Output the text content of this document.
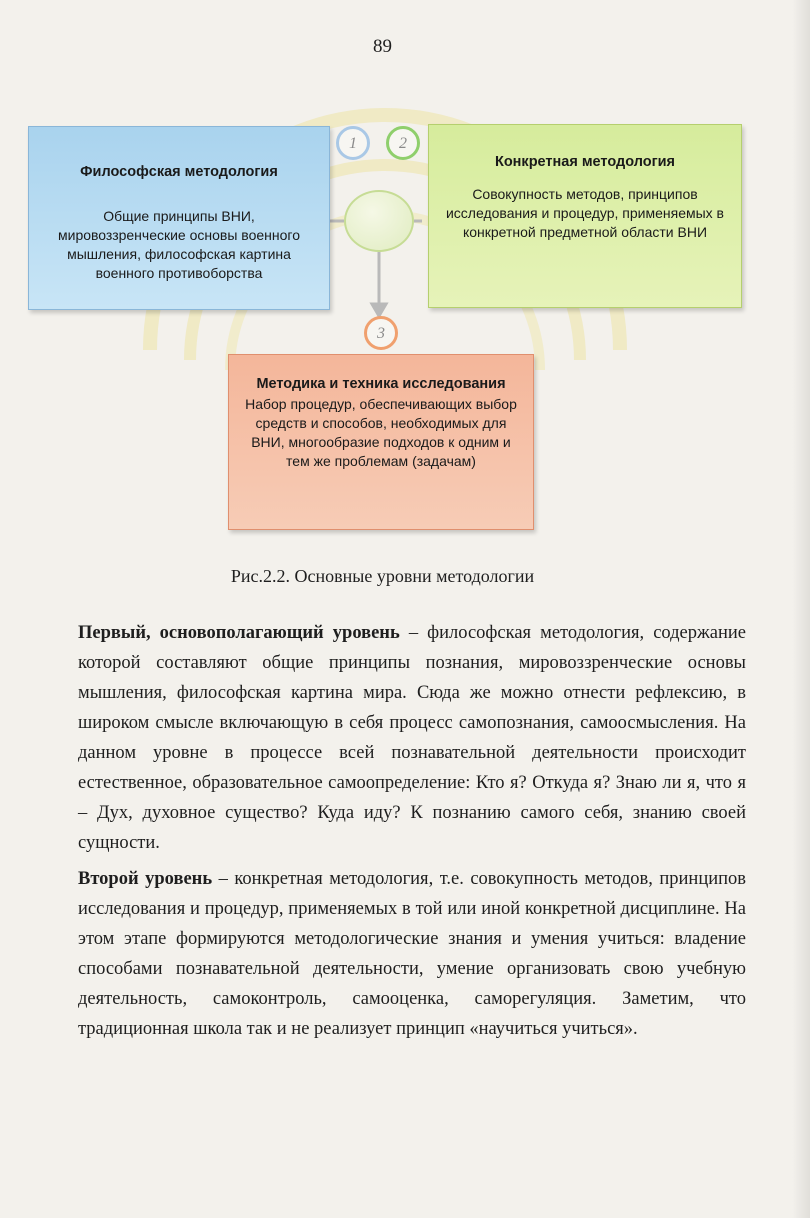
89
1	2
3
Философская методология
Общие принципы ВНИ, мировоззренческие основы военного мышления, философская картина военного противоборства
Конкретная методология
Совокупность методов, принципов исследования и процедур, применяемых в конкретной предметной области ВНИ
Методика и техника исследования
Набор процедур, обеспечивающих выбор средств и способов, необходимых для ВНИ, многообразие подходов к одним и тем же проблемам (задачам)
Рис.2.2. Основные уровни методологии

Первый, основополагающий уровень – философская методология, содержание которой составляют общие принципы познания, мировоззренческие основы мышления, философская картина мира. Сюда же можно отнести рефлексию, в широком смысле включающую в себя процесс самопознания, самоосмысления. На данном уровне в процессе всей познавательной деятельности происходит естественное, образовательное самоопределение: Кто я? Откуда я? Знаю ли я, что я – Дух, духовное существо? Куда иду? К познанию самого себя, знанию своей сущности.

Второй уровень – конкретная методология, т.е. совокупность методов, принципов исследования и процедур, применяемых в той или иной конкретной дисциплине. На этом этапе формируются методологические знания и умения учиться: владение способами познавательной деятельности, умение организовать свою учебную деятельность, самоконтроль, самооценка, саморегуляция. Заметим, что традиционная школа так и не реализует принцип «научиться учиться».
